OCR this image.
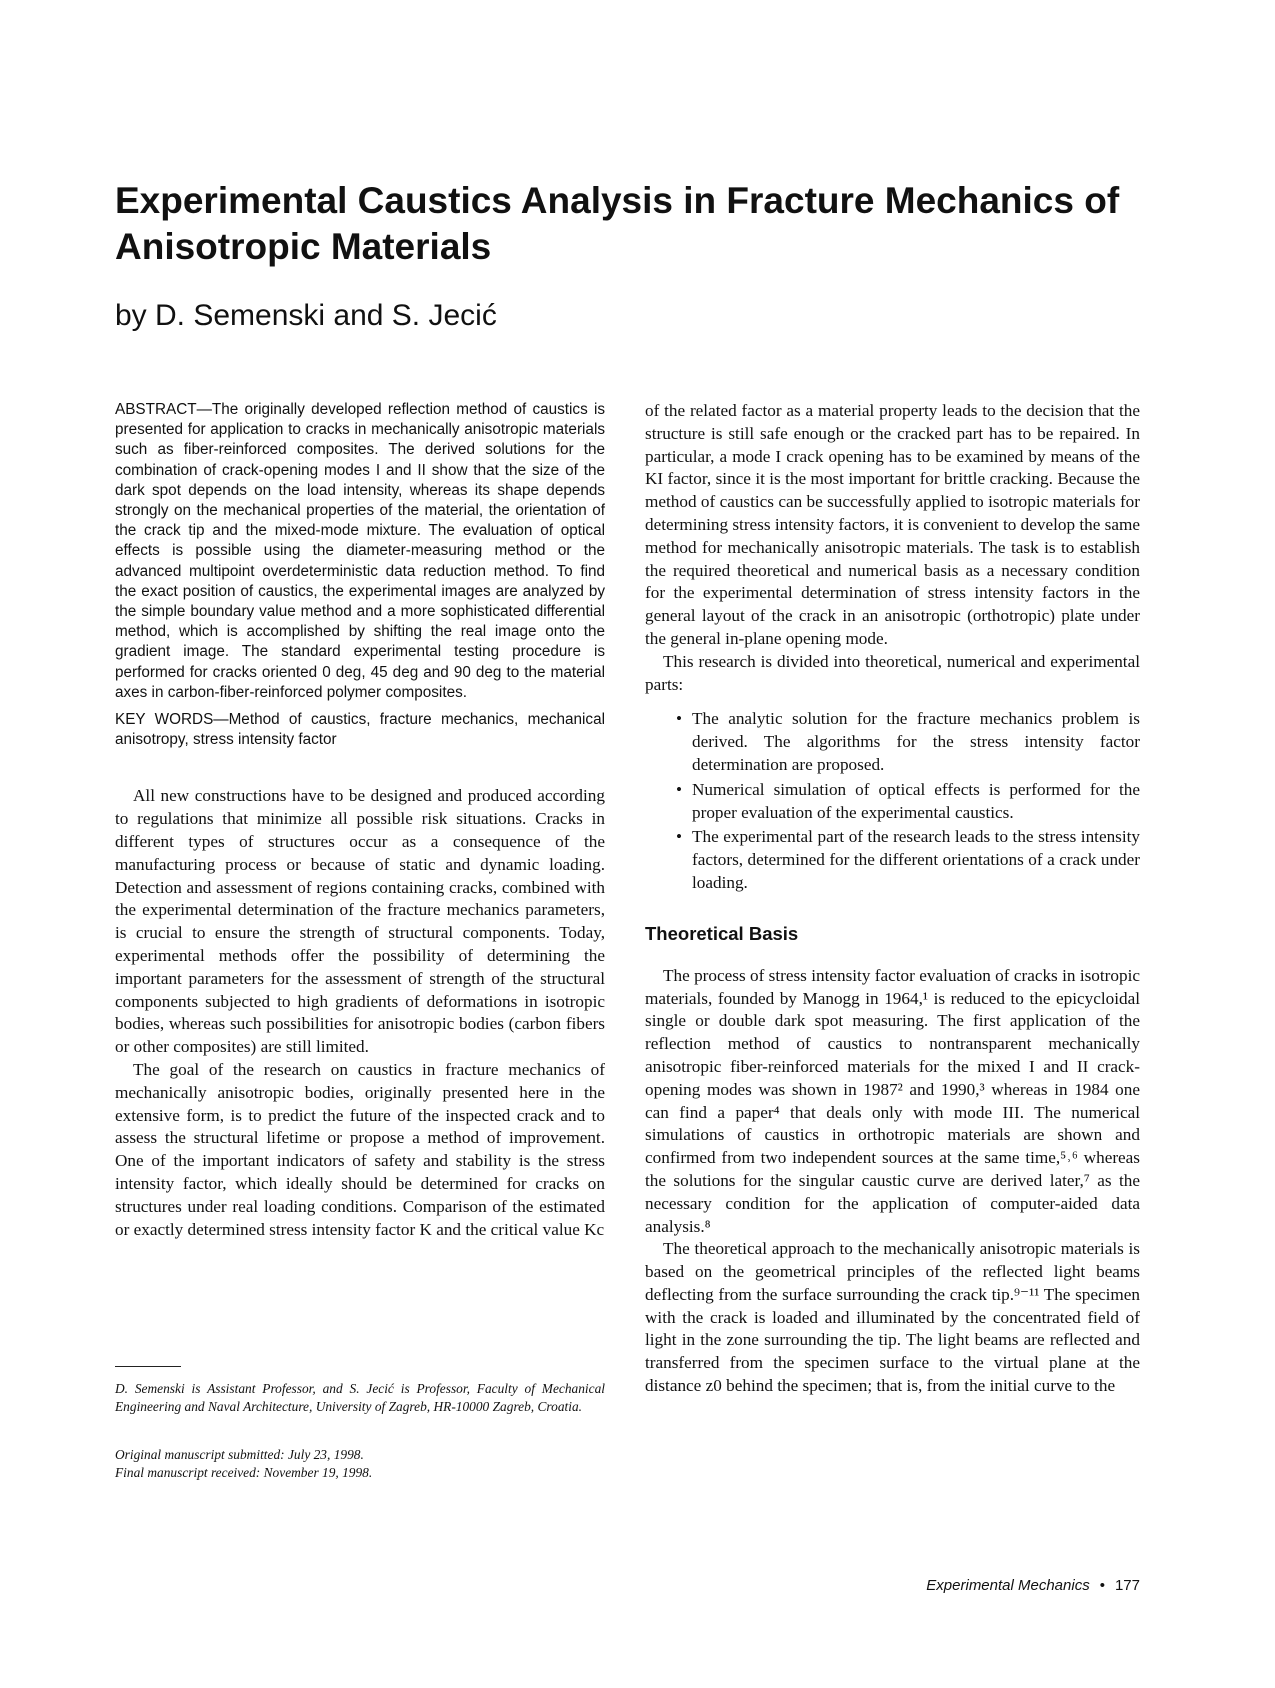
Experimental Caustics Analysis in Fracture Mechanics of Anisotropic Materials
by D. Semenski and S. Jecić

ABSTRACT—The originally developed reflection method of caustics is presented for application to cracks in mechanically anisotropic materials such as fiber-reinforced composites. The derived solutions for the combination of crack-opening modes I and II show that the size of the dark spot depends on the load intensity, whereas its shape depends strongly on the mechanical properties of the material, the orientation of the crack tip and the mixed-mode mixture. The evaluation of optical effects is possible using the diameter-measuring method or the advanced multipoint overdeterministic data reduction method. To find the exact position of caustics, the experimental images are analyzed by the simple boundary value method and a more sophisticated differential method, which is accomplished by shifting the real image onto the gradient image. The standard experimental testing procedure is performed for cracks oriented 0 deg, 45 deg and 90 deg to the material axes in carbon-fiber-reinforced polymer composites.

KEY WORDS—Method of caustics, fracture mechanics, mechanical anisotropy, stress intensity factor

All new constructions have to be designed and produced according to regulations that minimize all possible risk situations. Cracks in different types of structures occur as a consequence of the manufacturing process or because of static and dynamic loading. Detection and assessment of regions containing cracks, combined with the experimental determination of the fracture mechanics parameters, is crucial to ensure the strength of structural components. Today, experimental methods offer the possibility of determining the important parameters for the assessment of strength of the structural components subjected to high gradients of deformations in isotropic bodies, whereas such possibilities for anisotropic bodies (carbon fibers or other composites) are still limited.

The goal of the research on caustics in fracture mechanics of mechanically anisotropic bodies, originally presented here in the extensive form, is to predict the future of the inspected crack and to assess the structural lifetime or propose a method of improvement. One of the important indicators of safety and stability is the stress intensity factor, which ideally should be determined for cracks on structures under real loading conditions. Comparison of the estimated or exactly determined stress intensity factor K and the critical value Kc

of the related factor as a material property leads to the decision that the structure is still safe enough or the cracked part has to be repaired. In particular, a mode I crack opening has to be examined by means of the KI factor, since it is the most important for brittle cracking. Because the method of caustics can be successfully applied to isotropic materials for determining stress intensity factors, it is convenient to develop the same method for mechanically anisotropic materials. The task is to establish the required theoretical and numerical basis as a necessary condition for the experimental determination of stress intensity factors in the general layout of the crack in an anisotropic (orthotropic) plate under the general in-plane opening mode.

This research is divided into theoretical, numerical and experimental parts:

• The analytic solution for the fracture mechanics problem is derived. The algorithms for the stress intensity factor determination are proposed.
• Numerical simulation of optical effects is performed for the proper evaluation of the experimental caustics.
• The experimental part of the research leads to the stress intensity factors, determined for the different orientations of a crack under loading.
Theoretical Basis

The process of stress intensity factor evaluation of cracks in isotropic materials, founded by Manogg in 1964,¹ is reduced to the epicycloidal single or double dark spot measuring. The first application of the reflection method of caustics to nontransparent mechanically anisotropic fiber-reinforced materials for the mixed I and II crack-opening modes was shown in 1987² and 1990,³ whereas in 1984 one can find a paper⁴ that deals only with mode III. The numerical simulations of caustics in orthotropic materials are shown and confirmed from two independent sources at the same time,⁵˒⁶ whereas the solutions for the singular caustic curve are derived later,⁷ as the necessary condition for the application of computer-aided data analysis.⁸

The theoretical approach to the mechanically anisotropic materials is based on the geometrical principles of the reflected light beams deflecting from the surface surrounding the crack tip.⁹⁻¹¹ The specimen with the crack is loaded and illuminated by the concentrated field of light in the zone surrounding the tip. The light beams are reflected and transferred from the specimen surface to the virtual plane at the distance z0 behind the specimen; that is, from the initial curve to the

D. Semenski is Assistant Professor, and S. Jecić is Professor, Faculty of Mechanical Engineering and Naval Architecture, University of Zagreb, HR-10000 Zagreb, Croatia.

Original manuscript submitted: July 23, 1998.
Final manuscript received: November 19, 1998.
Experimental Mechanics • 177
